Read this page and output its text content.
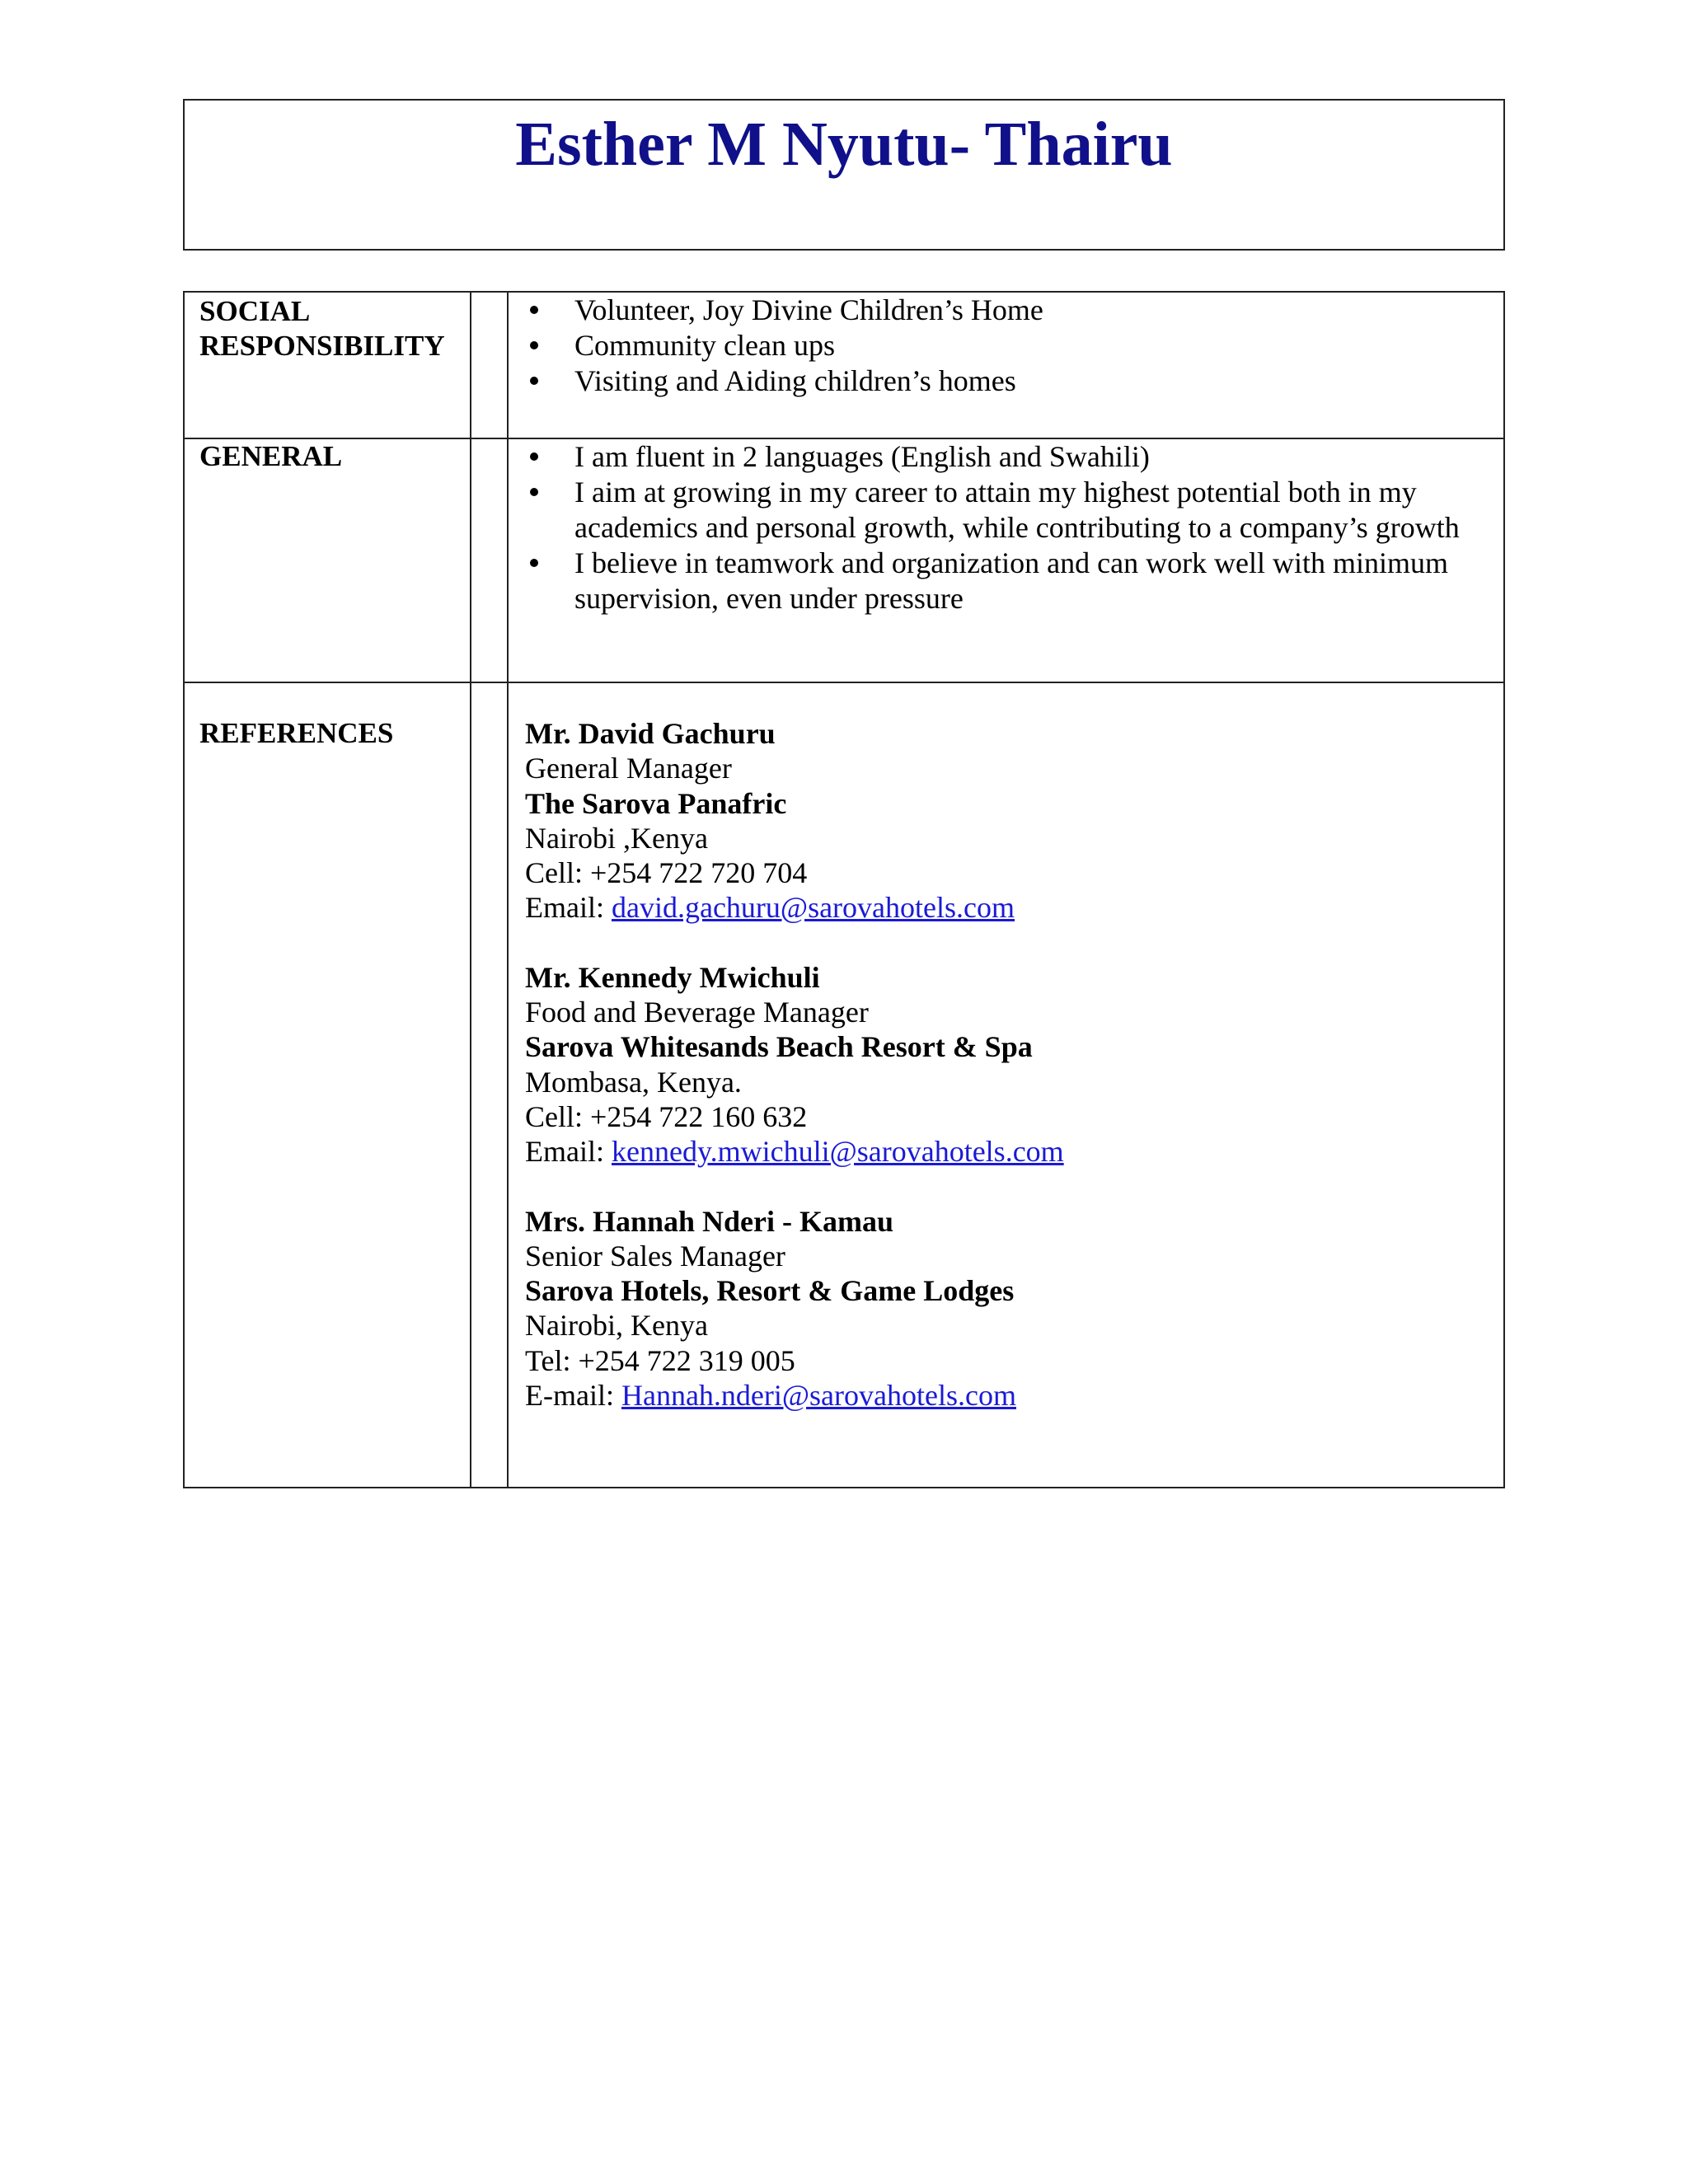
Esther M Nyutu- Thairu
SOCIAL
RESPONSIBILITY
Volunteer, Joy Divine Children’s Home
Community clean ups
Visiting and Aiding children’s homes
GENERAL	I am fluent in 2 languages (English and Swahili)
I aim at growing in my career to attain my highest potential both in my academics and personal growth, while contributing to a company’s growth
I believe in teamwork and organization and can work well with minimum supervision, even under pressure
REFERENCES	Mr. David Gachuru
General Manager
The Sarova Panafric
Nairobi ,Kenya
Cell: +254 722 720 704
Email: david.gachuru@sarovahotels.com
Mr. Kennedy Mwichuli
Food and Beverage Manager
Sarova Whitesands Beach Resort & Spa
Mombasa, Kenya.
Cell: +254 722 160 632
Email: kennedy.mwichuli@sarovahotels.com
Mrs. Hannah Nderi - Kamau
Senior Sales Manager
Sarova Hotels, Resort & Game Lodges
Nairobi, Kenya
Tel: +254 722 319 005
E-mail: Hannah.nderi@sarovahotels.com
